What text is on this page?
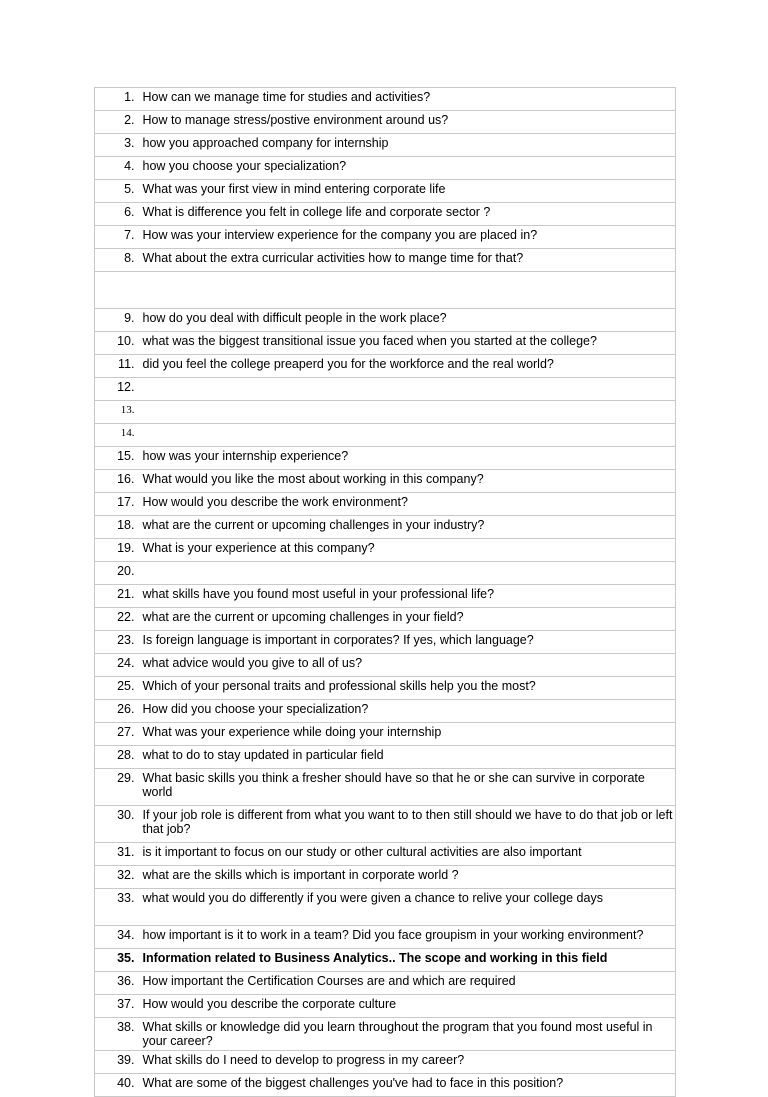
1.	How can we manage time for studies and activities?
2.	How to manage stress/postive environment around us?
3.	how you approached company for internship
4.	how you choose your specialization?
5.	What was your first view in mind entering corporate life
6.	What is difference you felt in college life and corporate sector ?
7.	How was your interview experience for the company you are placed in?
8.	What about the extra curricular activities how to mange time for that?

9.	how do you deal with difficult people in the work place?
10.	what was the biggest transitional issue you faced when you started at the college?
11.	did you feel the college preaperd you for the workforce and the real world?
12.	
13.	
14.	
15.	how was your internship experience?
16.	What would you like the most about working in this company?
17.	How would you describe the work environment?
18.	what are the current or upcoming challenges in your industry?
19.	What is your experience at this company?
20.	
21.	what skills have you found most useful in your professional life?
22.	what are the current or upcoming challenges in your field?
23.	Is foreign language is important in corporates? If yes, which language?
24.	what advice would you give to all of us?
25.	Which of your personal traits and professional skills help you the most?
26.	How did you choose your specialization?
27.	What was your experience while doing your internship
28.	what to do to stay updated in particular field
29.	What basic skills you think a fresher should have so that he or she can survive in corporate world
30.	If your job role is different from what you want to to then still should we have to do that job or left that job?
31.	is it important to focus on our study or other cultural activities are also important
32.	what are the skills which is important in corporate world ?
33.	what would you do differently if you were given a chance to relive your college days
34.	how important is it to work in a team? Did you face groupism in your working environment?
35.	Information related to Business Analytics.. The scope and working in this field
36.	How important the Certification Courses are and which are required
37.	How would you describe the corporate culture
38.	What skills or knowledge did you learn throughout the program that you found most useful in your career?
39.	What skills do I need to develop to progress in my career?
40.	What are some of the biggest challenges you've had to face in this position?
